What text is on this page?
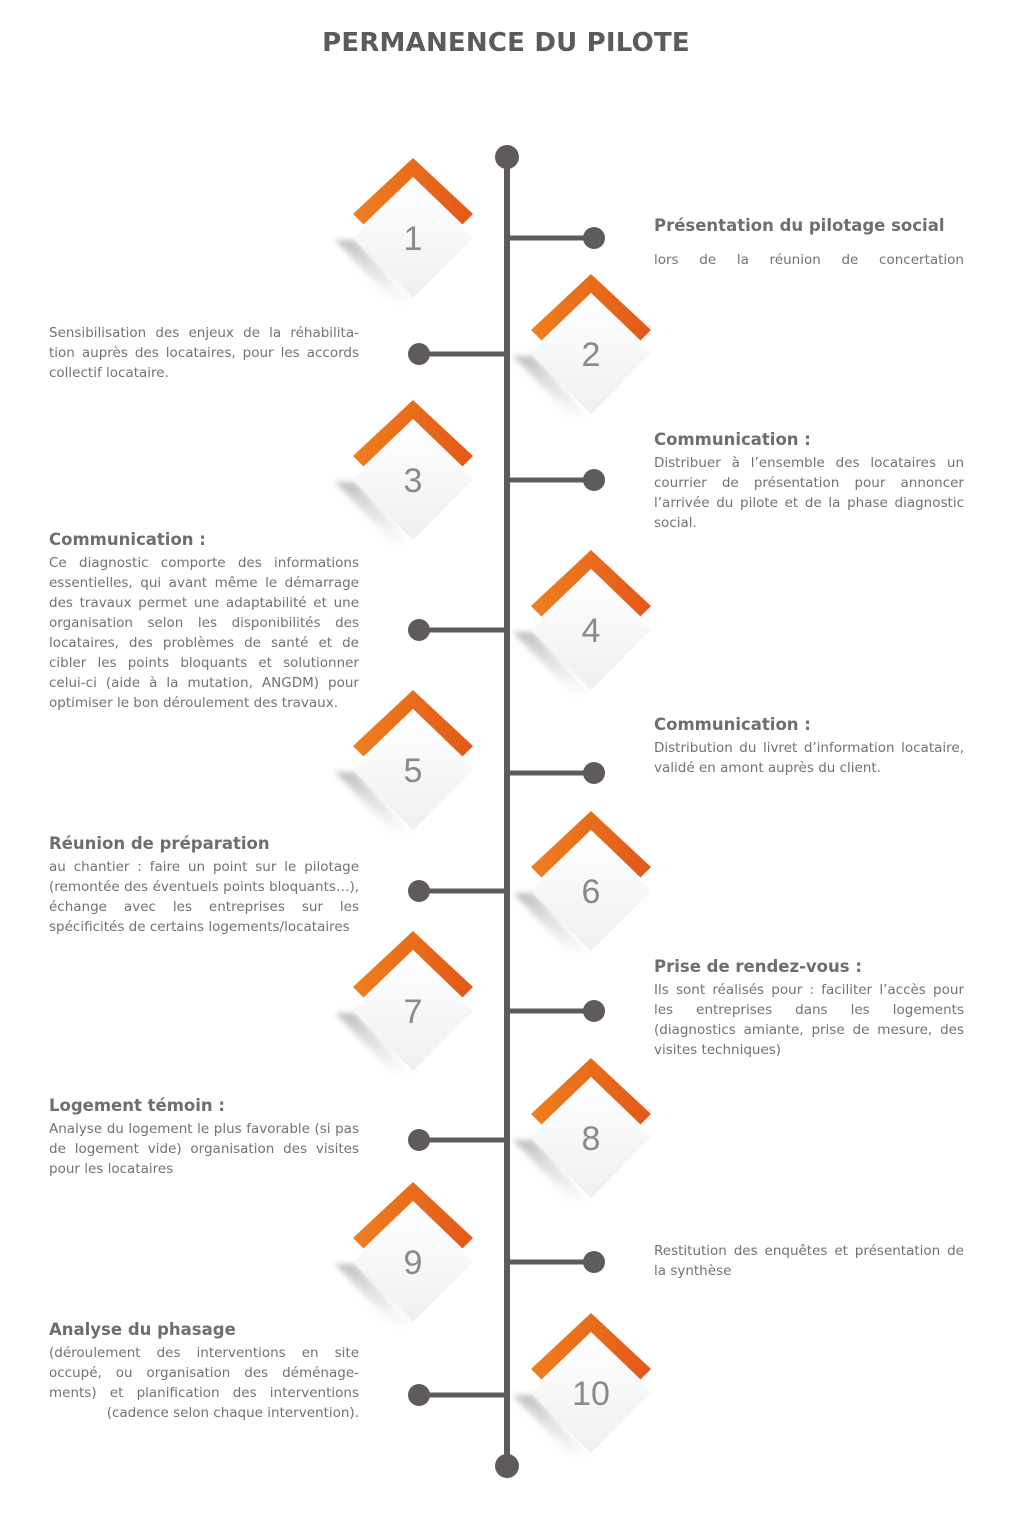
PERMANENCE DU PILOTE
1
2
3
4
5
6
7
8
9
10
Présentation du pilotage social

lors de la réunion de concertation

Sensibilisation des enjeux de la réhabilita-tion auprès des locataires, pour les accords collectif locataire.

Communication :

Distribuer à l’ensemble des locataires un courrier de présentation pour annoncer l’arrivée du pilote et de la phase diagnostic social.

Communication :

Ce diagnostic comporte des informations essentielles, qui avant même le démarrage des travaux permet une adaptabilité et une organisation selon les disponibilités des locataires, des problèmes de santé et de cibler les points bloquants et solutionner celui-ci (aide à la mutation, ANGDM) pour optimiser le bon déroulement des travaux.

Communication :

Distribution du livret d’information locataire, validé en amont auprès du client.

Réunion de préparation

au chantier : faire un point sur le pilotage (remontée des éventuels points bloquants…), échange avec les entreprises sur les spécificités de certains logements/locataires

Prise de rendez-vous :

Ils sont réalisés pour : faciliter l’accès pour les entreprises dans les logements (diagnostics amiante, prise de mesure, des visites techniques)

Logement témoin :

Analyse du logement le plus favorable (si pas de logement vide) organisation des visites pour les locataires

Restitution des enquêtes et présentation de la synthèse

Analyse du phasage

(déroulement des interventions en site occupé, ou organisation des déménage-ments) et planification des interventions (cadence selon chaque intervention).
